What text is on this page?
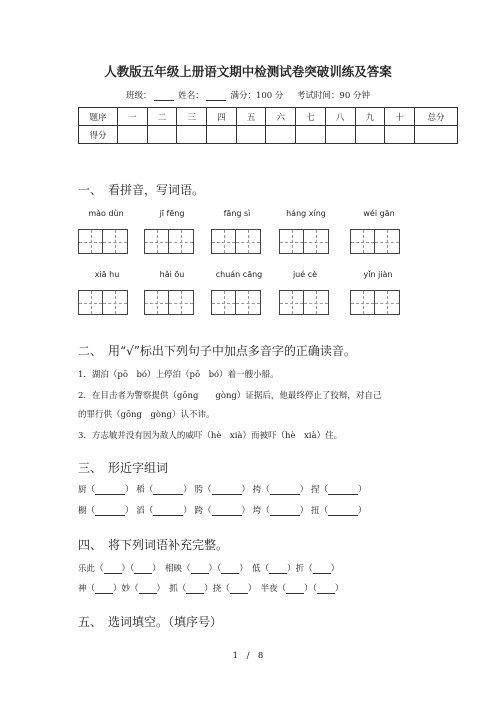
人教版五年级上册语文期中检测试卷突破训练及答案
班级：	姓名：	满分：100 分 考试时间：90 分钟
题序	一	二	三	四	五	六	七	八	九	十	总分
得分											
一、　看拼音，写词语。
mào dùn	jī fēng	fāng sì	háng xíng	wéi gān
xiā hu	hǎi ōu	chuán cāng	jué cè	yǐn jiàn
二、　用“√”标出下列句子中加点多音字的正确读音。
1．湖泊（pō　bó）上停泊（pō　bó）着一艘小船。
2．在目击者为警察提供（gōng　　gòng）证据后，他最终停止了狡辩，对自己
的罪行供（gōng　gòng）认不讳。
3．方志敏并没有因为敌人的威吓（hè　xià）而被吓（hè　xià）住。
三、　形近字组词
厨（	） 稻（	） 胯（	） 挎（	） 捏（	）
橱（	） 滔（	） 跨（	） 垮（	） 扭（	）
四、　将下列词语补充完整。
乐此（ ）（ ）　相映（ ）（ ）　低（ ）折（ ）
神（ ）妙（ ）　抓（ ）挠（ ）　半夜（ ）（ ）
五、　选词填空。（填序号）
1　/　8
